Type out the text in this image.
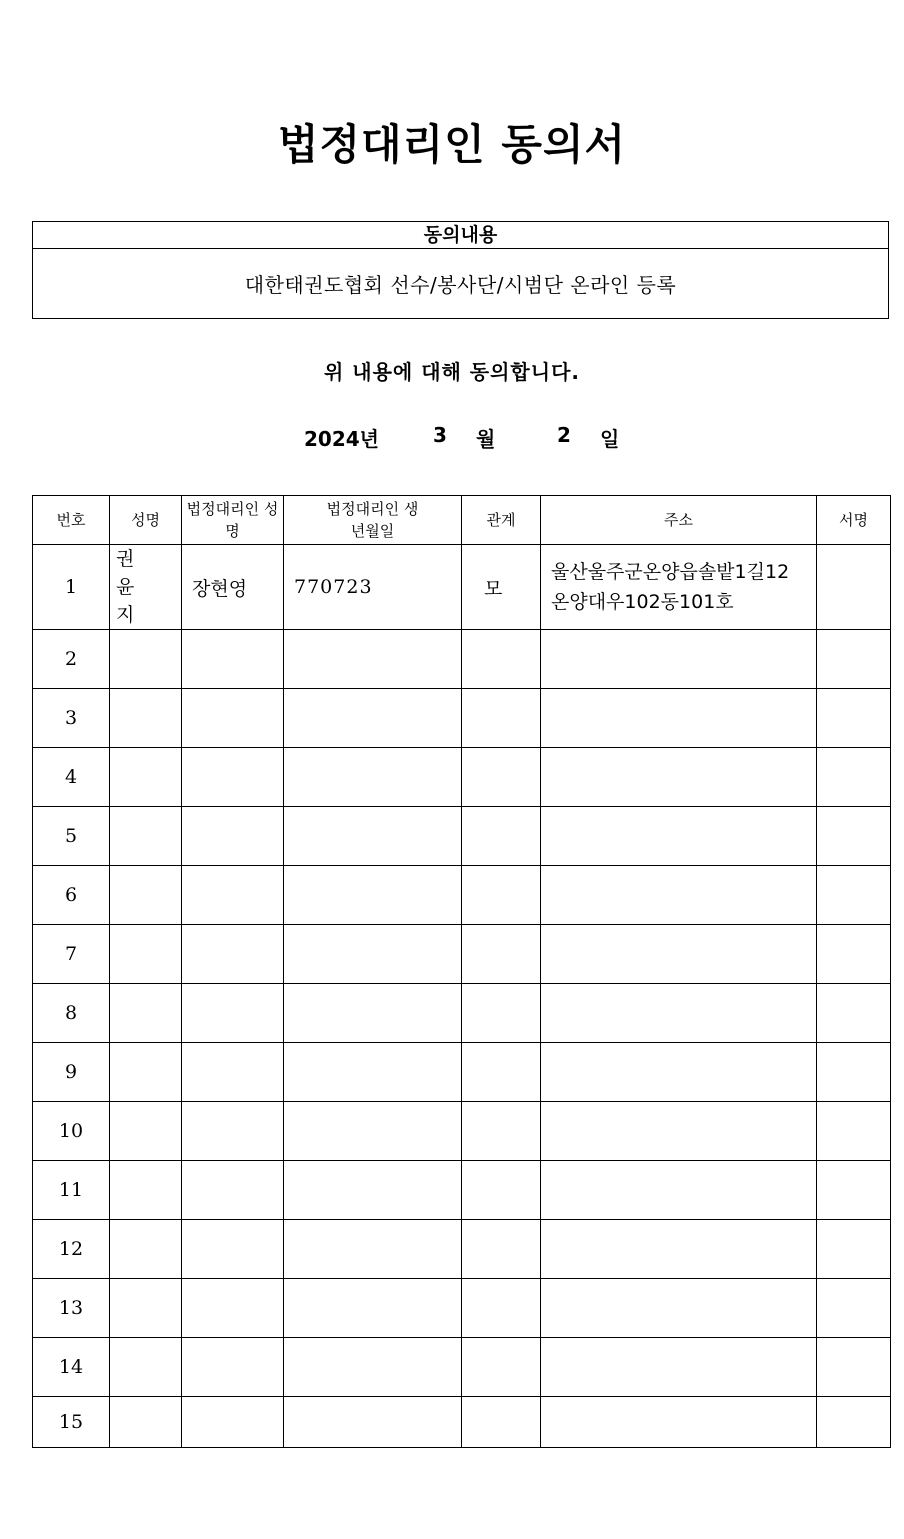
법정대리인 동의서
동의내용
대한태권도협회 선수/봉사단/시범단 온라인 등록
위 내용에 대해 동의합니다.
2024년	3 월	2 일
번호	성명	법정대리인 성명	법정대리인 생년월일	관계	주소	서명
1	권 윤 지	장현영	770723	모	울산울주군온양읍솔밭1길12온양대우102동101호	
2						
3						
4						
5						
6						
7						
8						
9						
10						
11						
12						
13						
14						
15						
